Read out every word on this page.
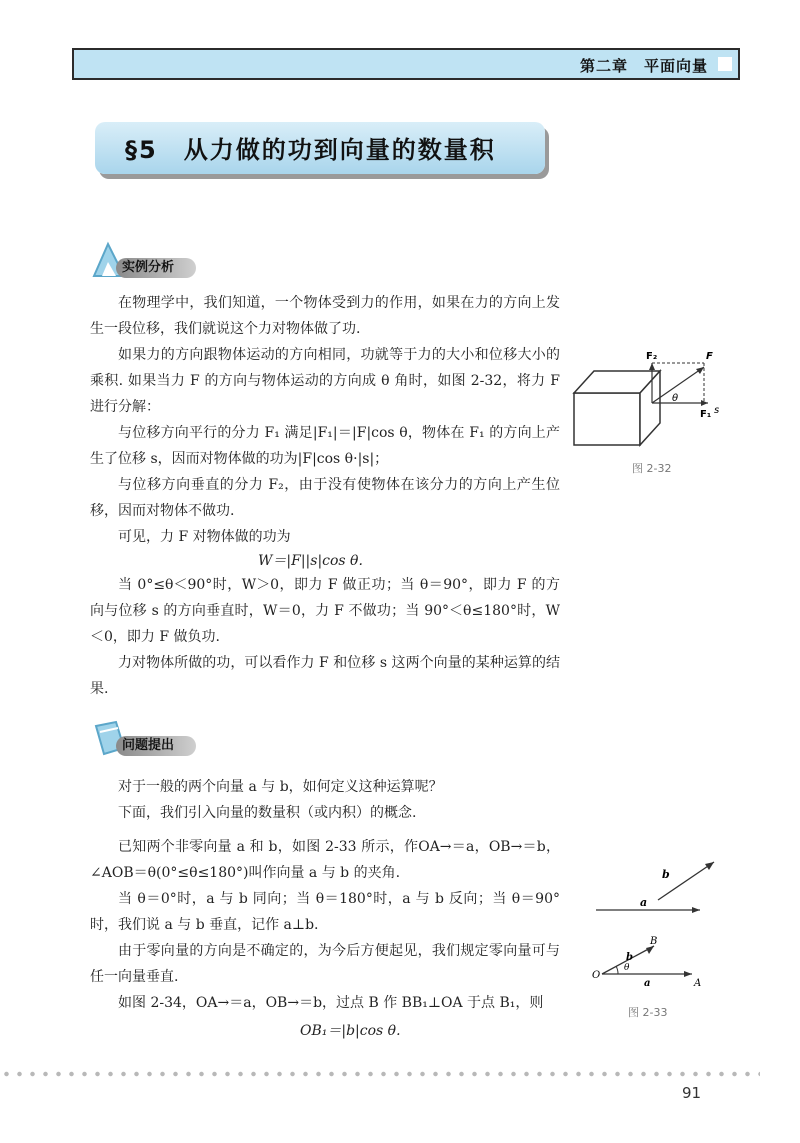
第二章　平面向量
§5　从力做的功到向量的数量积
实例分析

在物理学中，我们知道，一个物体受到力的作用，如果在力的方向上发生一段位移，我们就说这个力对物体做了功.

如果力的方向跟物体运动的方向相同，功就等于力的大小和位移大小的乘积. 如果当力 F 的方向与物体运动的方向成 θ 角时，如图 2-32，将力 F 进行分解：

与位移方向平行的分力 F₁ 满足|F₁|＝|F|cos θ，物体在 F₁ 的方向上产生了位移 s，因而对物体做的功为|F|cos θ·|s|；

与位移方向垂直的分力 F₂，由于没有使物体在该分力的方向上产生位移，因而对物体不做功.

可见，力 F 对物体做的功为

W＝|F||s|cos θ.

当 0°≤θ＜90°时，W＞0，即力 F 做正功；当 θ＝90°，即力 F 的方向与位移 s 的方向垂直时，W＝0，力 F 不做功；当 90°＜θ≤180°时，W＜0，即力 F 做负功.

力对物体所做的功，可以看作力 F 和位移 s 这两个向量的某种运算的结果.

F₂	F
F₁ s
θ
图 2-32
问题提出

对于一般的两个向量 a 与 b，如何定义这种运算呢？

下面，我们引入向量的数量积（或内积）的概念.

已知两个非零向量 a 和 b，如图 2-33 所示，作OA→＝a，OB→＝b，∠AOB＝θ(0°≤θ≤180°)叫作向量 a 与 b 的夹角.

当 θ＝0°时，a 与 b 同向；当 θ＝180°时，a 与 b 反向；当 θ＝90°时，我们说 a 与 b 垂直，记作 a⊥b.

由于零向量的方向是不确定的，为今后方便起见，我们规定零向量可与任一向量垂直.

如图 2-34，OA→＝a，OB→＝b，过点 B 作 BB₁⊥OA 于点 B₁，则

OB₁＝|b|cos θ.
b
a
b
B
O
θ
a	A
图 2-33
91
